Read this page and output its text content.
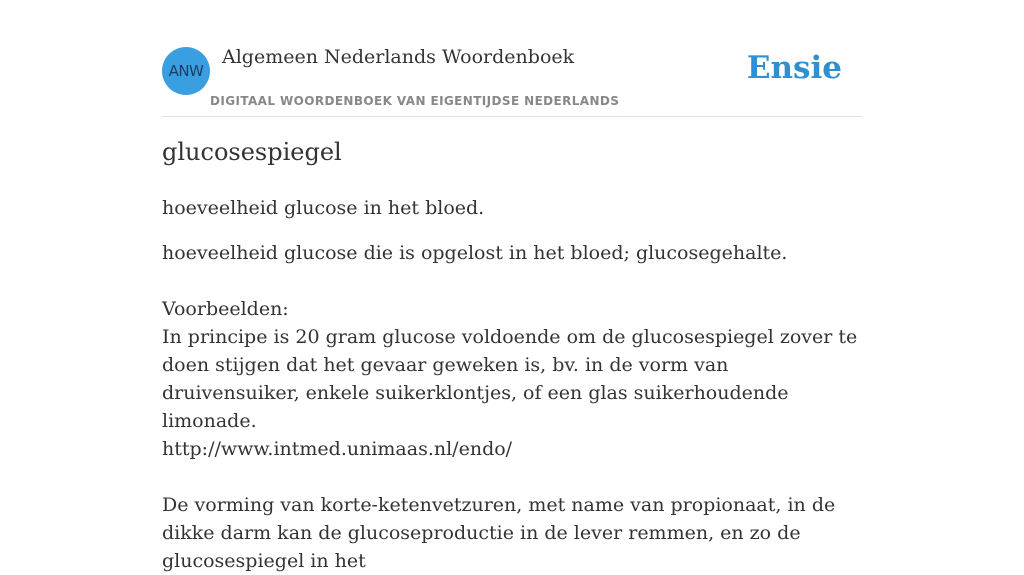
ANW
Algemeen Nederlands Woordenboek
DIGITAAL WOORDENBOEK VAN EIGENTIJDSE NEDERLANDS
Ensie
glucosespiegel
hoeveelheid glucose in het bloed.

hoeveelheid glucose die is opgelost in het bloed; glucosegehalte.

Voorbeelden:

In principe is 20 gram glucose voldoende om de glucosespiegel zover te doen stijgen dat het gevaar geweken is, bv. in de vorm van druivensuiker, enkele suikerklontjes, of een glas suikerhoudende limonade.

http://www.intmed.unimaas.nl/endo/

De vorming van korte-ketenvetzuren, met name van propionaat, in de dikke darm kan de glucoseproductie in de lever remmen, en zo de glucosespiegel in het
